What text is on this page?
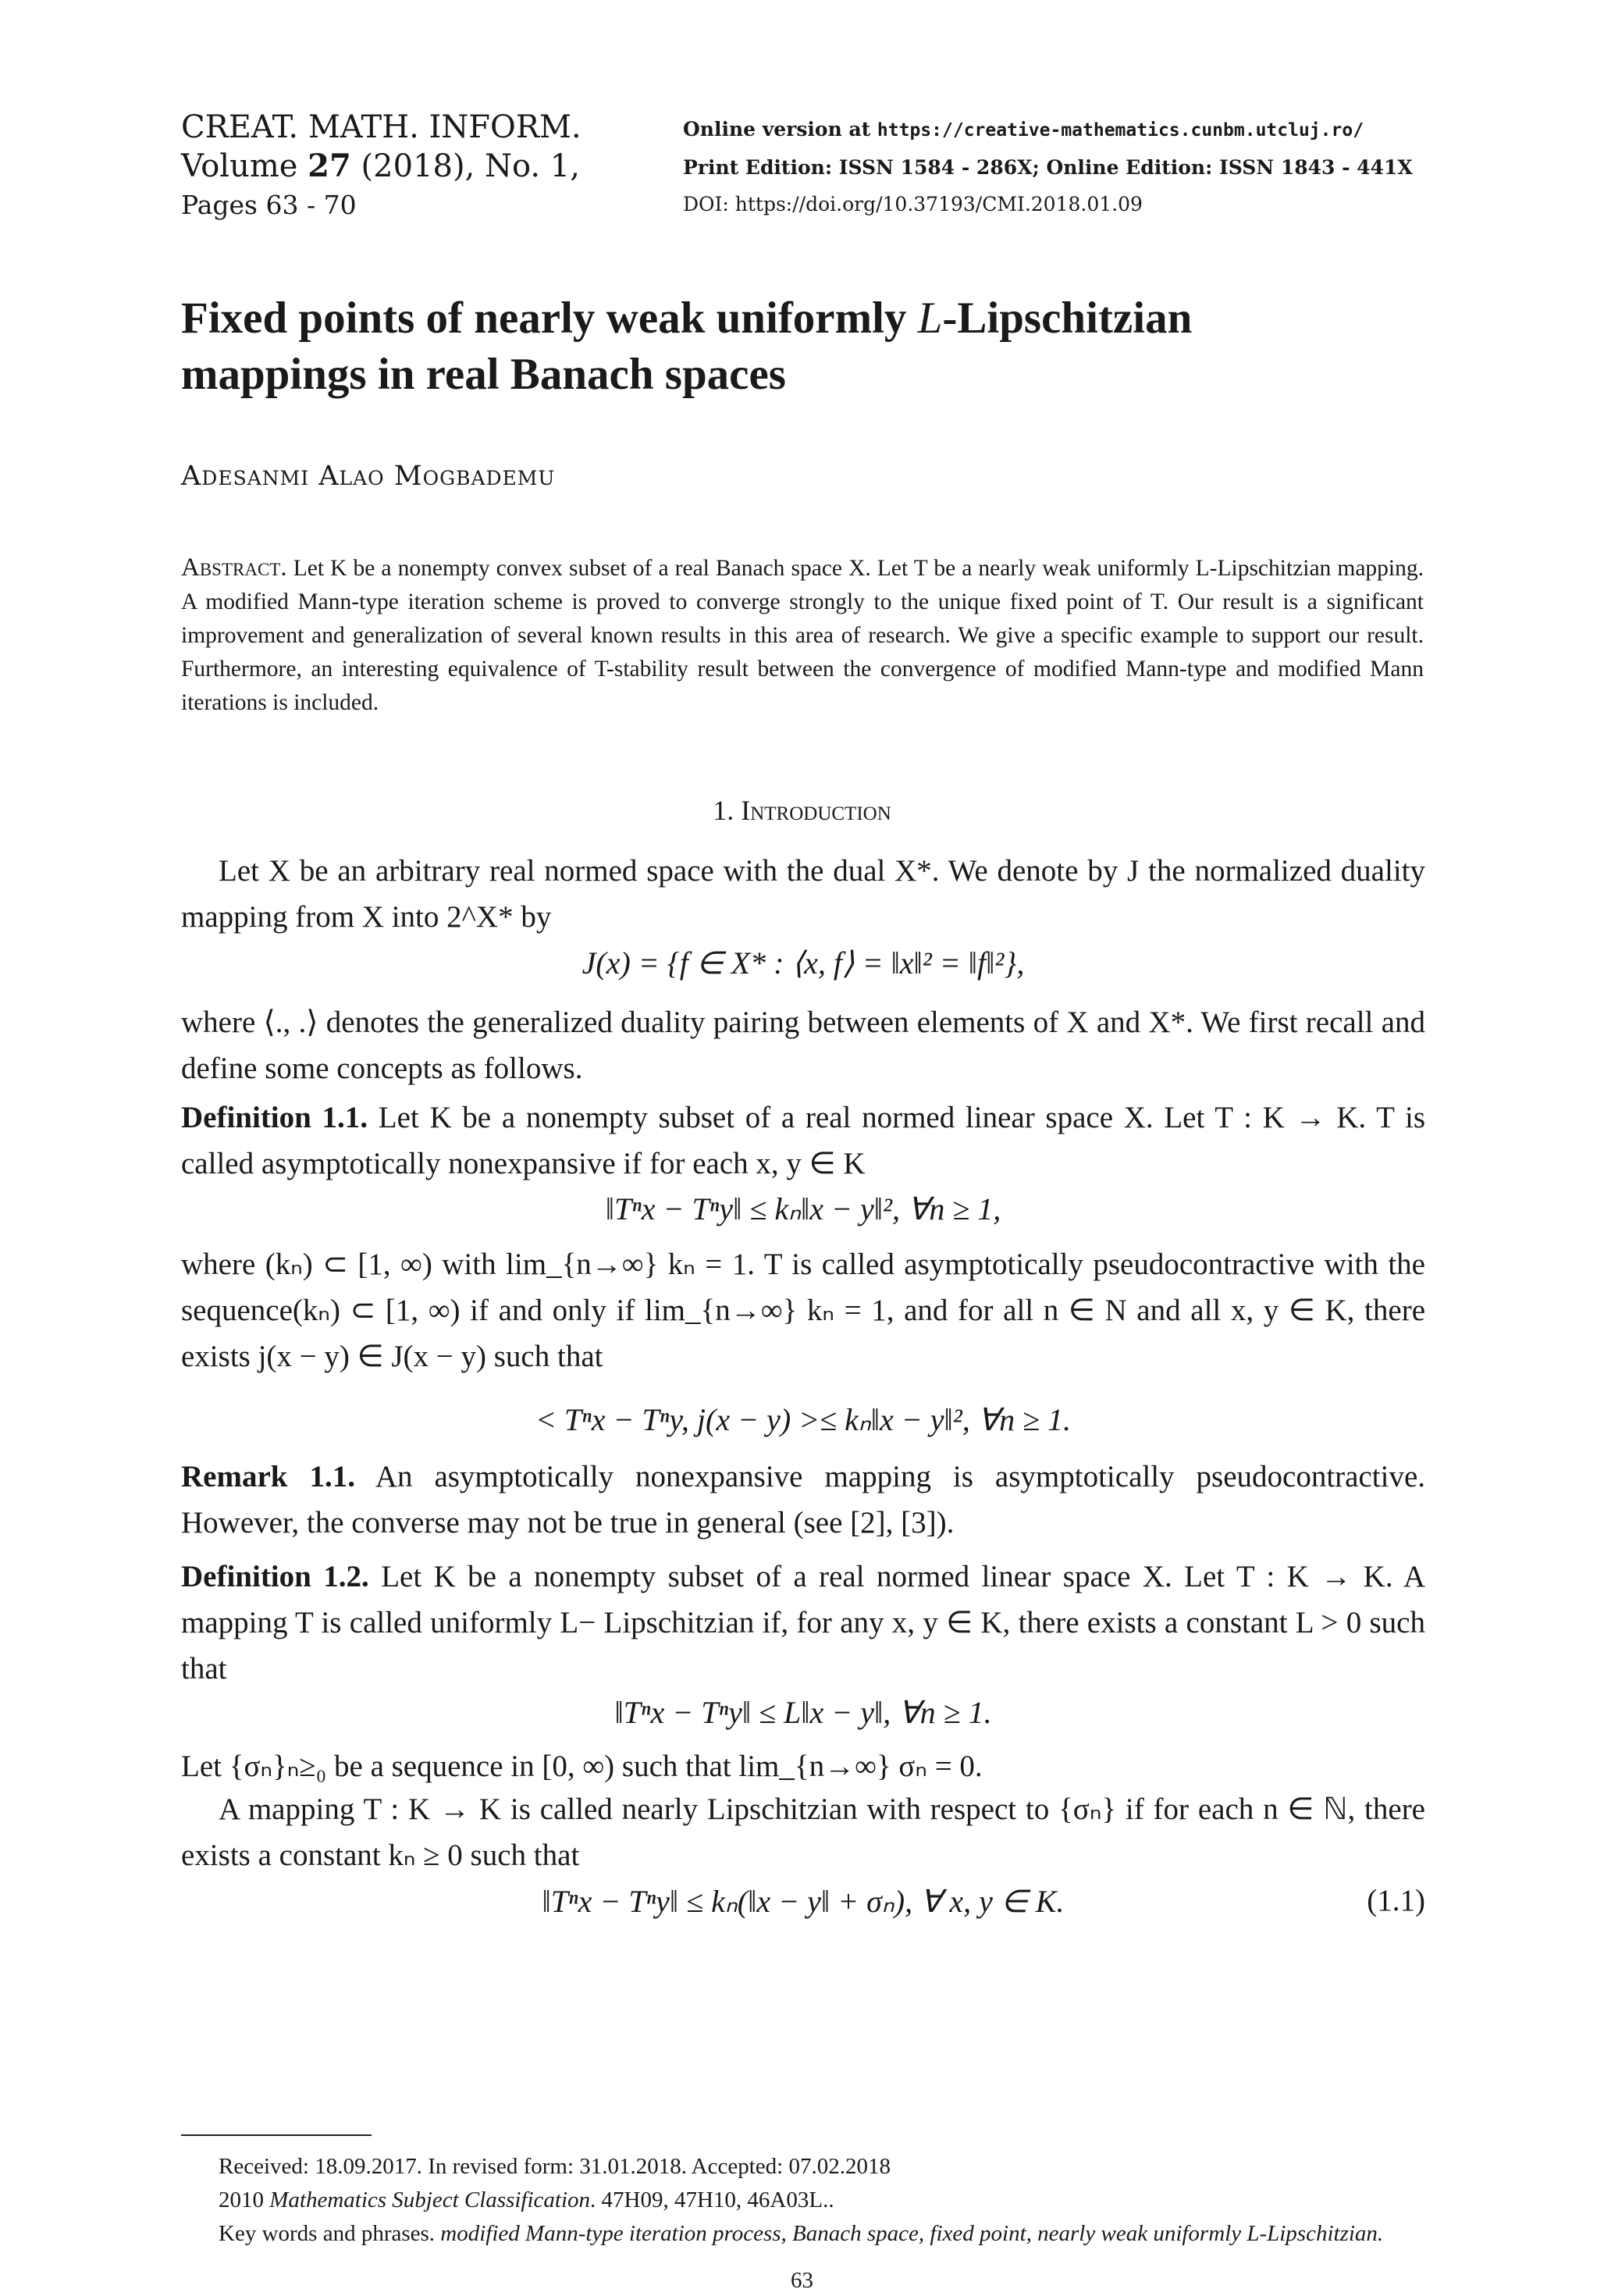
CREAT. MATH. INFORM.
Volume 27 (2018), No. 1,
Pages 63 - 70
Online version at https://creative-mathematics.cunbm.utcluj.ro/
Print Edition: ISSN 1584 - 286X; Online Edition: ISSN 1843 - 441X
DOI: https://doi.org/10.37193/CMI.2018.01.09
Fixed points of nearly weak uniformly L-Lipschitzian
mappings in real Banach spaces
Adesanmi Alao Mogbademu
Abstract. Let K be a nonempty convex subset of a real Banach space X. Let T be a nearly weak uniformly L-Lipschitzian mapping. A modified Mann-type iteration scheme is proved to converge strongly to the unique fixed point of T. Our result is a significant improvement and generalization of several known results in this area of research. We give a specific example to support our result. Furthermore, an interesting equivalence of T-stability result between the convergence of modified Mann-type and modified Mann iterations is included.
1. Introduction

Let X be an arbitrary real normed space with the dual X*. We denote by J the normalized duality mapping from X into 2^X* by

J(x) = {f ∈ X* : ⟨x, f⟩ = ‖x‖² = ‖f‖²},

where ⟨., .⟩ denotes the generalized duality pairing between elements of X and X*. We first recall and define some concepts as follows.

Definition 1.1. Let K be a nonempty subset of a real normed linear space X. Let T : K → K. T is called asymptotically nonexpansive if for each x, y ∈ K

‖Tⁿx − Tⁿy‖ ≤ kₙ‖x − y‖², ∀n ≥ 1,

where (kₙ) ⊂ [1, ∞) with lim_{n→∞} kₙ = 1. T is called asymptotically pseudocontractive with the sequence(kₙ) ⊂ [1, ∞) if and only if lim_{n→∞} kₙ = 1, and for all n ∈ N and all x, y ∈ K, there exists j(x − y) ∈ J(x − y) such that

< Tⁿx − Tⁿy, j(x − y) >≤ kₙ‖x − y‖², ∀n ≥ 1.

Remark 1.1. An asymptotically nonexpansive mapping is asymptotically pseudocontractive. However, the converse may not be true in general (see [2], [3]).

Definition 1.2. Let K be a nonempty subset of a real normed linear space X. Let T : K → K. A mapping T is called uniformly L− Lipschitzian if, for any x, y ∈ K, there exists a constant L > 0 such that

‖Tⁿx − Tⁿy‖ ≤ L‖x − y‖, ∀n ≥ 1.

Let {σₙ}ₙ≥₀ be a sequence in [0, ∞) such that lim_{n→∞} σₙ = 0.

A mapping T : K → K is called nearly Lipschitzian with respect to {σₙ} if for each n ∈ ℕ, there exists a constant kₙ ≥ 0 such that

‖Tⁿx − Tⁿy‖ ≤ kₙ(‖x − y‖ + σₙ), ∀ x, y ∈ K.	(1.1)
Received: 18.09.2017. In revised form: 31.01.2018. Accepted: 07.02.2018
2010 Mathematics Subject Classification. 47H09, 47H10, 46A03L..
Key words and phrases. modified Mann-type iteration process, Banach space, fixed point, nearly weak uniformly L-Lipschitzian.
63
